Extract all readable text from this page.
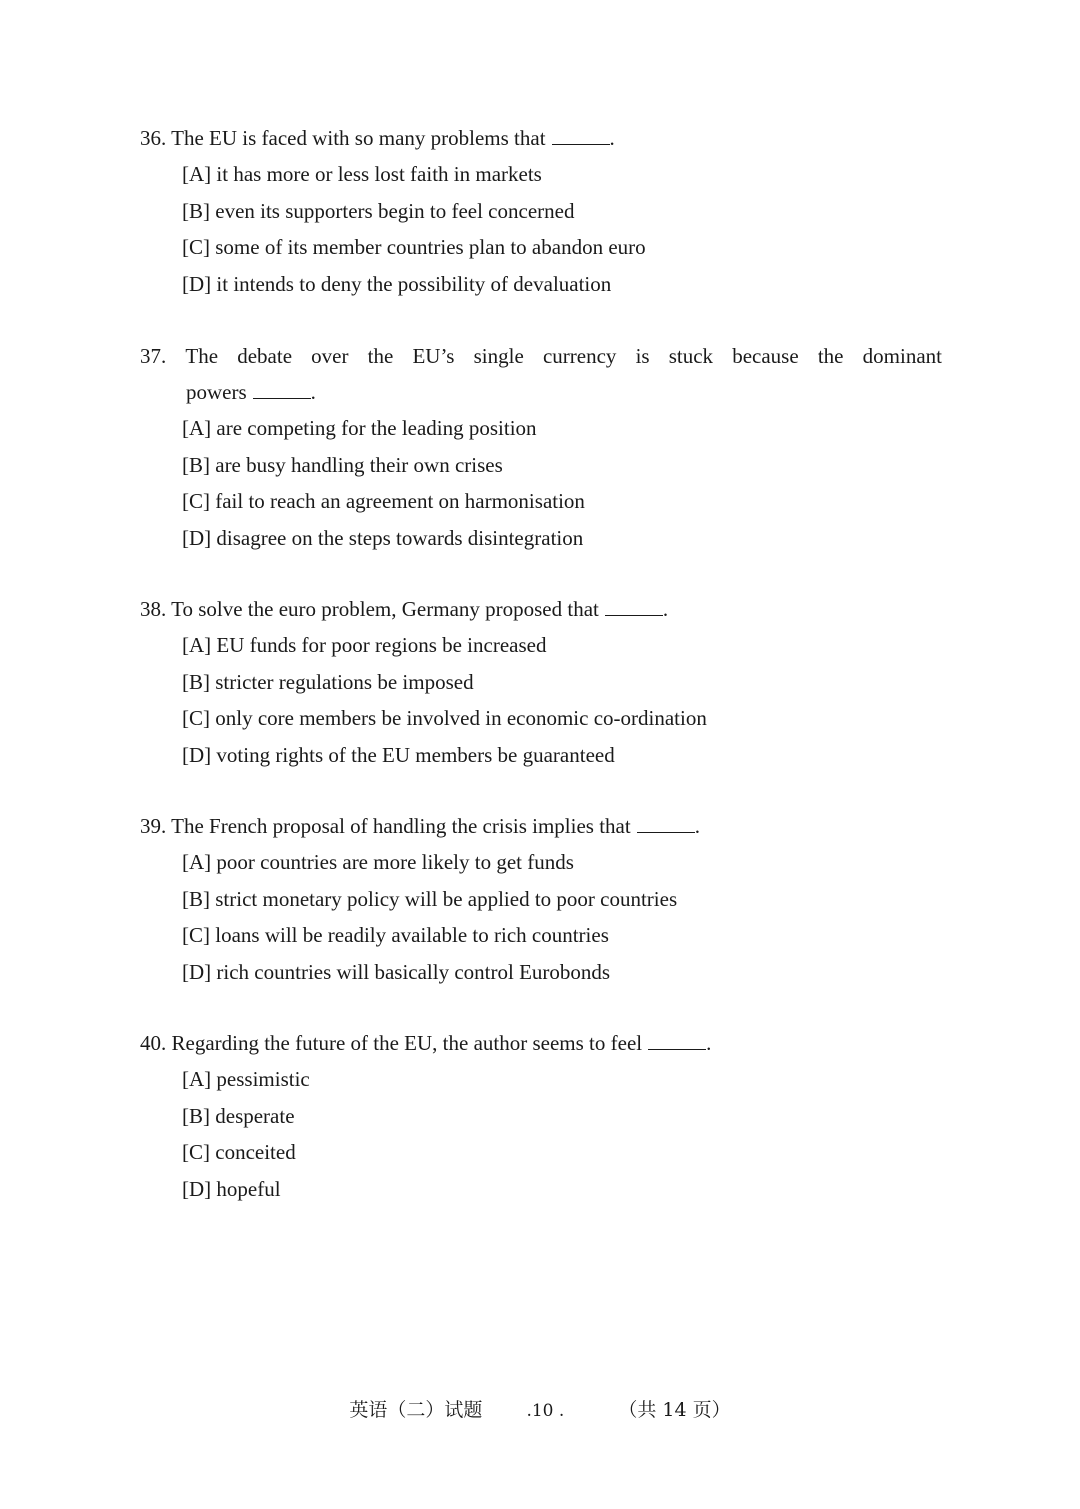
36. The EU is faced with so many problems that	.
[A] it has more or less lost faith in markets
[B] even its supporters begin to feel concerned
[C] some of its member countries plan to abandon euro
[D] it intends to deny the possibility of devaluation
37. The debate over the EU’s single currency is stuck because the dominant
powers	.
[A] are competing for the leading position
[B] are busy handling their own crises
[C] fail to reach an agreement on harmonisation
[D] disagree on the steps towards disintegration
38. To solve the euro problem, Germany proposed that	.
[A] EU funds for poor regions be increased
[B] stricter regulations be imposed
[C] only core members be involved in economic co-ordination
[D] voting rights of the EU members be guaranteed
39. The French proposal of handling the crisis implies that	.
[A] poor countries are more likely to get funds
[B] strict monetary policy will be applied to poor countries
[C] loans will be readily available to rich countries
[D] rich countries will basically control Eurobonds
40. Regarding the future of the EU, the author seems to feel	.
[A] pessimistic
[B] desperate
[C] conceited
[D] hopeful
英语（二）试题	.10 .	（共 14 页）
